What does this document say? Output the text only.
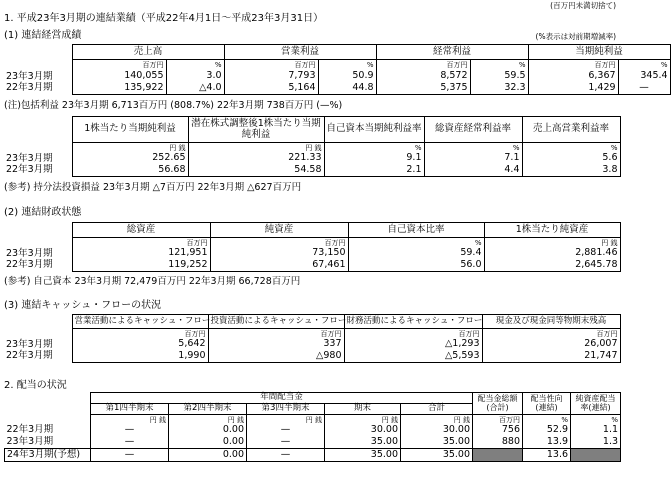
(百万円未満切捨て)
1. 平成23年3月期の連結業績（平成22年4月1日～平成23年3月31日）
(1) 連結経営成績	(%表示は対前期増減率)
	売上高		営業利益		経常利益		当期純利益	
23年3月期	百万円	%	百万円	%	百万円	%	百万円	%
	140,055	3.0	7,793	50.9	8,572	59.5	6,367	345.4
22年3月期	135,922	△4.0	5,164	44.8	5,375	32.3	1,429	—
(注)包括利益 23年3月期 6,713百万円 (808.7%) 22年3月期 738百万円 (—%)
	1株当たり当期純利益	潜在株式調整後1株当たり当期純利益	自己資本当期純利益率	総資産経常利益率	売上高営業利益率
23年3月期	円 銭	円 銭	%	%	%
	252.65	221.33	9.1	7.1	5.6
22年3月期	56.68	54.58	2.1	4.4	3.8
(参考) 持分法投資損益 23年3月期 △7百万円 22年3月期 △627百万円
(2) 連結財政状態
	総資産	純資産	自己資本比率	1株当たり純資産
23年3月期	百万円	百万円	%	円 銭
	121,951	73,150	59.4	2,881.46
22年3月期	119,252	67,461	56.0	2,645.78
(参考) 自己資本 23年3月期 72,479百万円 22年3月期 66,728百万円
(3) 連結キャッシュ・フローの状況
	営業活動によるキャッシュ・フロー	投資活動によるキャッシュ・フロー	財務活動によるキャッシュ・フロー	現金及び現金同等物期末残高
23年3月期	百万円	百万円	百万円	百万円
	5,642	337	△1,293	26,007
22年3月期	1,990	△980	△5,593	21,747
2. 配当の状況
	年間配当金					配当金総額(合計)	配当性向(連結)	純資産配当率(連結)
	第1四半期末	第2四半期末	第3四半期末	期末	合計			
	円 銭	円 銭	円 銭	円 銭	円 銭	百万円	%	%
22年3月期	—	0.00	—	30.00	30.00	756	52.9	1.1
23年3月期	—	0.00	—	35.00	35.00	880	13.9	1.3
24年3月期(予想)	—	0.00	—	35.00	35.00		13.6	
